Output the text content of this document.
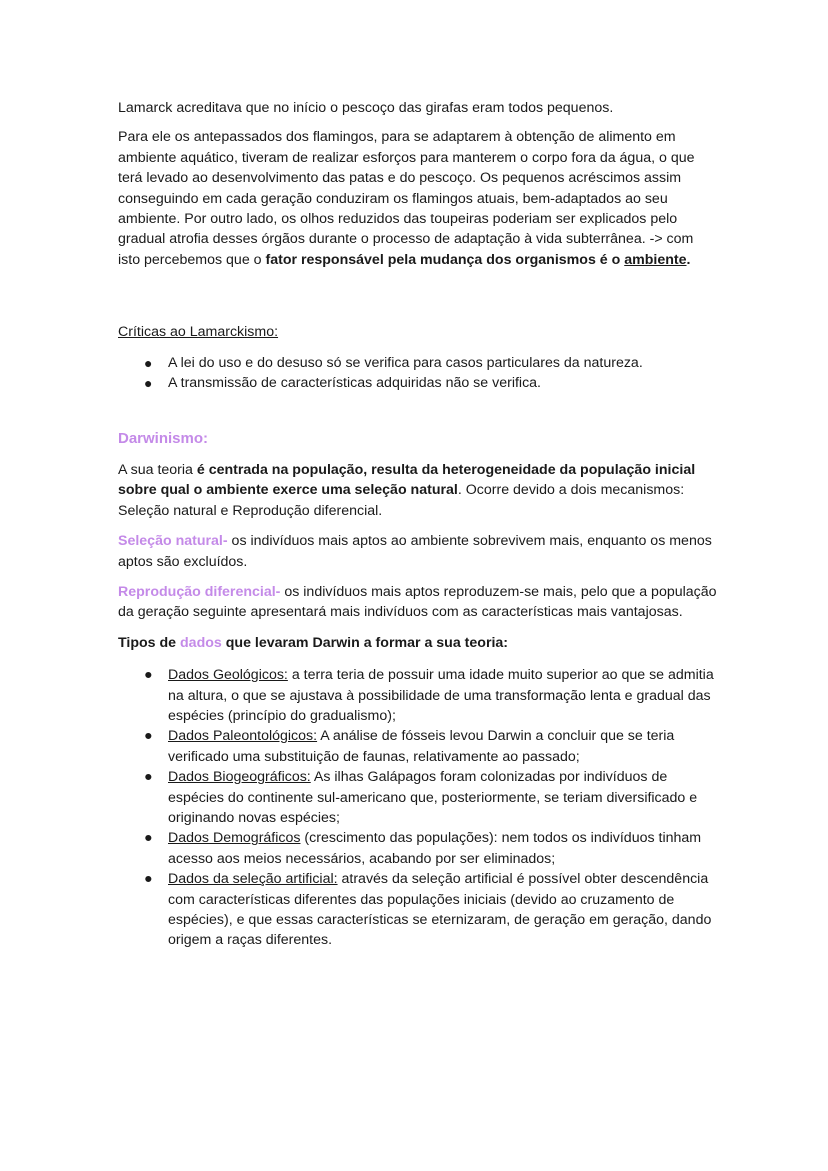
Lamarck acreditava que no início o pescoço das girafas eram todos pequenos.

Para ele os antepassados dos flamingos, para se adaptarem à obtenção de alimento em ambiente aquático, tiveram de realizar esforços para manterem o corpo fora da água, o que terá levado ao desenvolvimento das patas e do pescoço. Os pequenos acréscimos assim conseguindo em cada geração conduziram os flamingos atuais, bem-adaptados ao seu ambiente. Por outro lado, os olhos reduzidos das toupeiras poderiam ser explicados pelo gradual atrofia desses órgãos durante o processo de adaptação à vida subterrânea. -> com isto percebemos que o fator responsável pela mudança dos organismos é o ambiente.

Críticas ao Lamarckismo:

● A lei do uso e do desuso só se verifica para casos particulares da natureza.
● A transmissão de características adquiridas não se verifica.

Darwinismo:

A sua teoria é centrada na população, resulta da heterogeneidade da população inicial sobre qual o ambiente exerce uma seleção natural. Ocorre devido a dois mecanismos: Seleção natural e Reprodução diferencial.

Seleção natural- os indivíduos mais aptos ao ambiente sobrevivem mais, enquanto os menos aptos são excluídos.

Reprodução diferencial- os indivíduos mais aptos reproduzem-se mais, pelo que a população da geração seguinte apresentará mais indivíduos com as características mais vantajosas.

Tipos de dados que levaram Darwin a formar a sua teoria:

● Dados Geológicos: a terra teria de possuir uma idade muito superior ao que se admitia na altura, o que se ajustava à possibilidade de uma transformação lenta e gradual das espécies (princípio do gradualismo);
● Dados Paleontológicos: A análise de fósseis levou Darwin a concluir que se teria verificado uma substituição de faunas, relativamente ao passado;
● Dados Biogeográficos: As ilhas Galápagos foram colonizadas por indivíduos de espécies do continente sul-americano que, posteriormente, se teriam diversificado e originando novas espécies;
● Dados Demográficos (crescimento das populações): nem todos os indivíduos tinham acesso aos meios necessários, acabando por ser eliminados;
● Dados da seleção artificial: através da seleção artificial é possível obter descendência com características diferentes das populações iniciais (devido ao cruzamento de espécies), e que essas características se eternizaram, de geração em geração, dando origem a raças diferentes.
